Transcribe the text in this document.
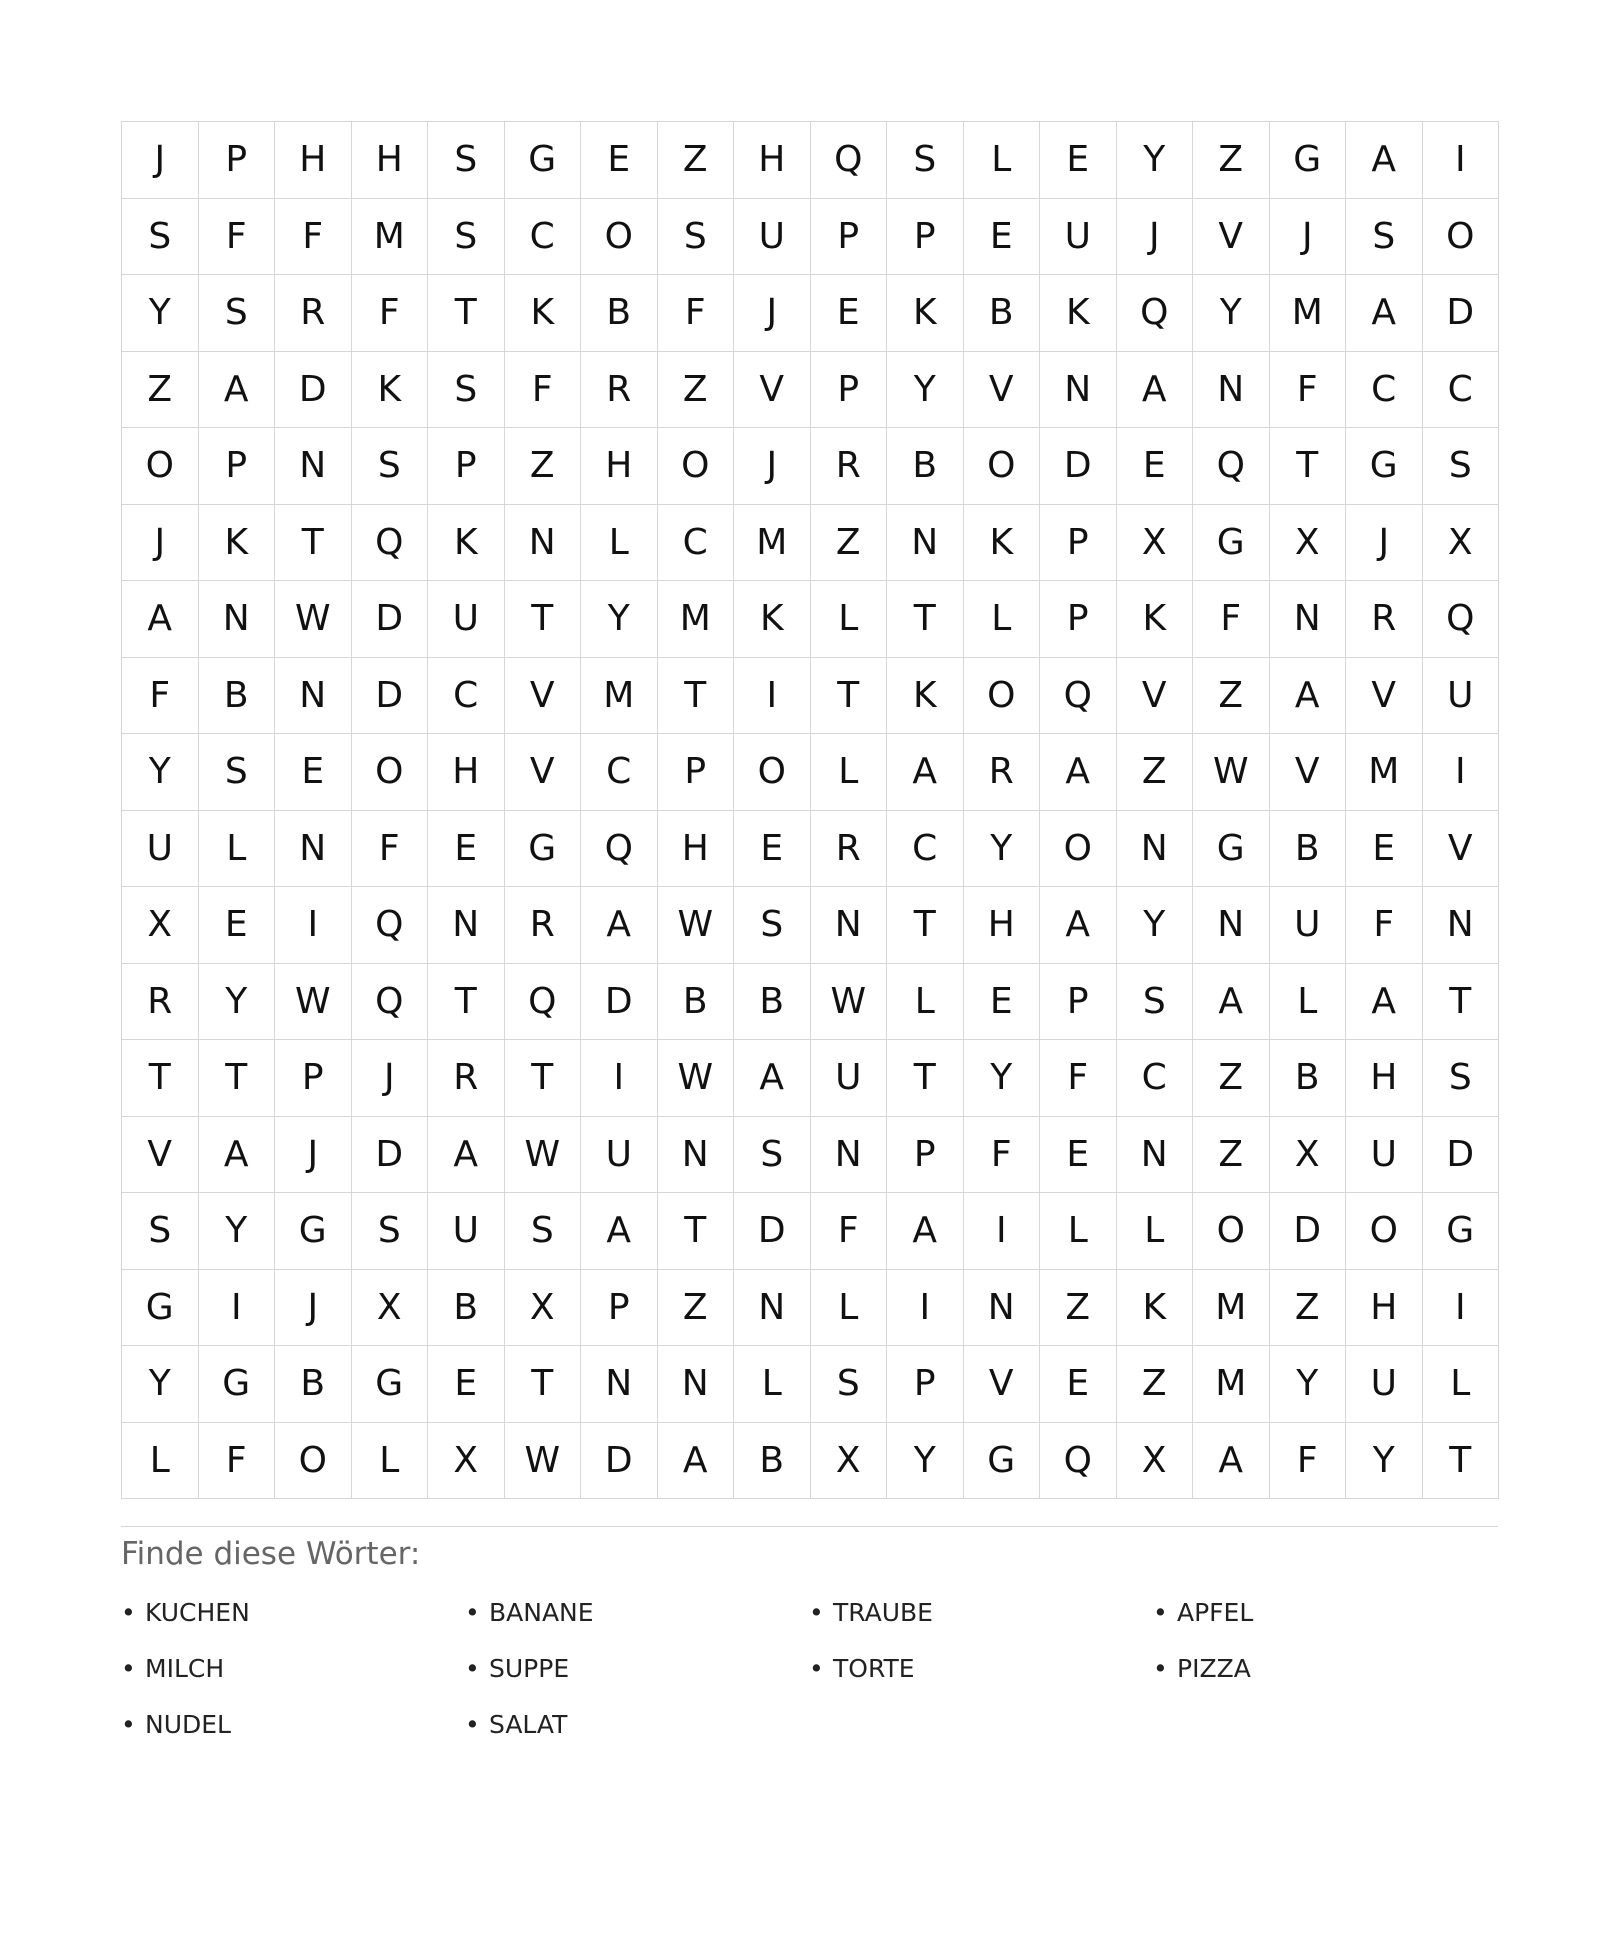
J	P	H	H	S	G	E	Z	H	Q	S	L	E	Y	Z	G	A	I
S	F	F	M	S	C	O	S	U	P	P	E	U	J	V	J	S	O
Y	S	R	F	T	K	B	F	J	E	K	B	K	Q	Y	M	A	D
Z	A	D	K	S	F	R	Z	V	P	Y	V	N	A	N	F	C	C
O	P	N	S	P	Z	H	O	J	R	B	O	D	E	Q	T	G	S
J	K	T	Q	K	N	L	C	M	Z	N	K	P	X	G	X	J	X
A	N	W	D	U	T	Y	M	K	L	T	L	P	K	F	N	R	Q
F	B	N	D	C	V	M	T	I	T	K	O	Q	V	Z	A	V	U
Y	S	E	O	H	V	C	P	O	L	A	R	A	Z	W	V	M	I
U	L	N	F	E	G	Q	H	E	R	C	Y	O	N	G	B	E	V
X	E	I	Q	N	R	A	W	S	N	T	H	A	Y	N	U	F	N
R	Y	W	Q	T	Q	D	B	B	W	L	E	P	S	A	L	A	T
T	T	P	J	R	T	I	W	A	U	T	Y	F	C	Z	B	H	S
V	A	J	D	A	W	U	N	S	N	P	F	E	N	Z	X	U	D
S	Y	G	S	U	S	A	T	D	F	A	I	L	L	O	D	O	G
G	I	J	X	B	X	P	Z	N	L	I	N	Z	K	M	Z	H	I
Y	G	B	G	E	T	N	N	L	S	P	V	E	Z	M	Y	U	L
L	F	O	L	X	W	D	A	B	X	Y	G	Q	X	A	F	Y	T
Finde diese Wörter:
• KUCHEN	• BANANE	• TRAUBE	• APFEL
• MILCH	• SUPPE	• TORTE	• PIZZA
• NUDEL	• SALAT
